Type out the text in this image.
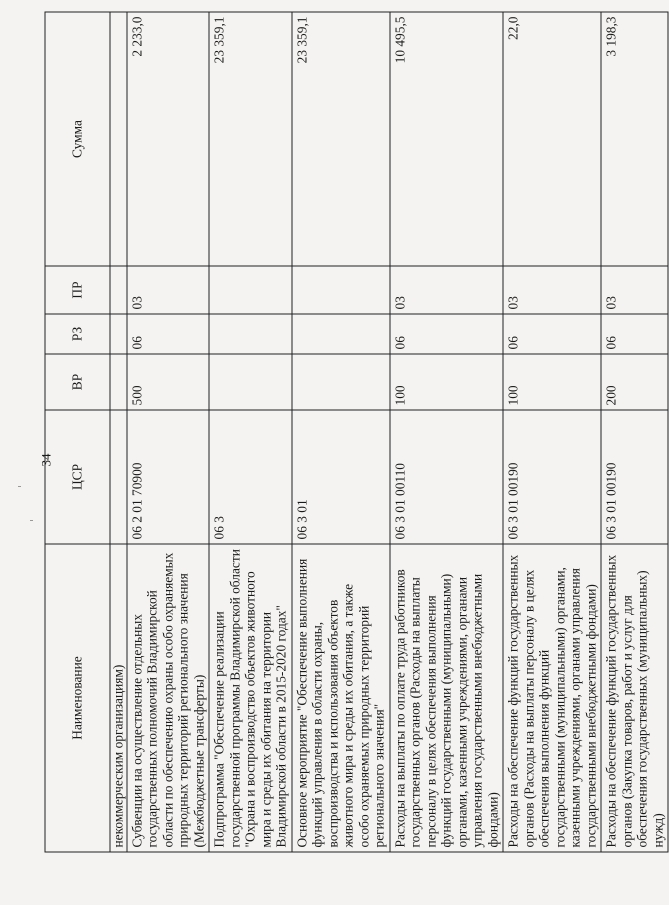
34
Наименование	ЦСР	ВР	РЗ	ПР	Сумма
некоммерческим организациям)					
Субвенции на осуществление отдельных государственных полномочий Владимирской области по обеспечению охраны особо охраняемых природных территорий регионального значения (Межбюджетные трансферты)	06 2 01 70900	500	06	03	2 233,0
Подпрограмма "Обеспечение реализации государственной программы Владимирской области "Охрана и воспроизводство объектов животного мира и среды их обитания на территории Владимирской области в 2015-2020 годах"	06 3				23 359,1
Основное мероприятие "Обеспечение выполнения функций управления в области охраны, воспроизводства и использования объектов животного мира и среды их обитания, а также особо охраняемых природных территорий регионального значения"	06 3 01				23 359,1
Расходы на выплаты по оплате труда работников государственных органов (Расходы на выплаты персоналу в целях обеспечения выполнения функций государственными (муниципальными) органами, казенными учреждениями, органами управления государственными внебюджетными фондами)	06 3 01 00110	100	06	03	10 495,5
Расходы на обеспечение функций государственных органов (Расходы на выплаты персоналу в целях обеспечения выполнения функций государственными (муниципальными) органами, казенными учреждениями, органами управления государственными внебюджетными фондами)	06 3 01 00190	100	06	03	22,0
Расходы на обеспечение функций государственных органов (Закупка товаров, работ и услуг для обеспечения государственных (муниципальных) нужд)	06 3 01 00190	200	06	03	3 198,3
